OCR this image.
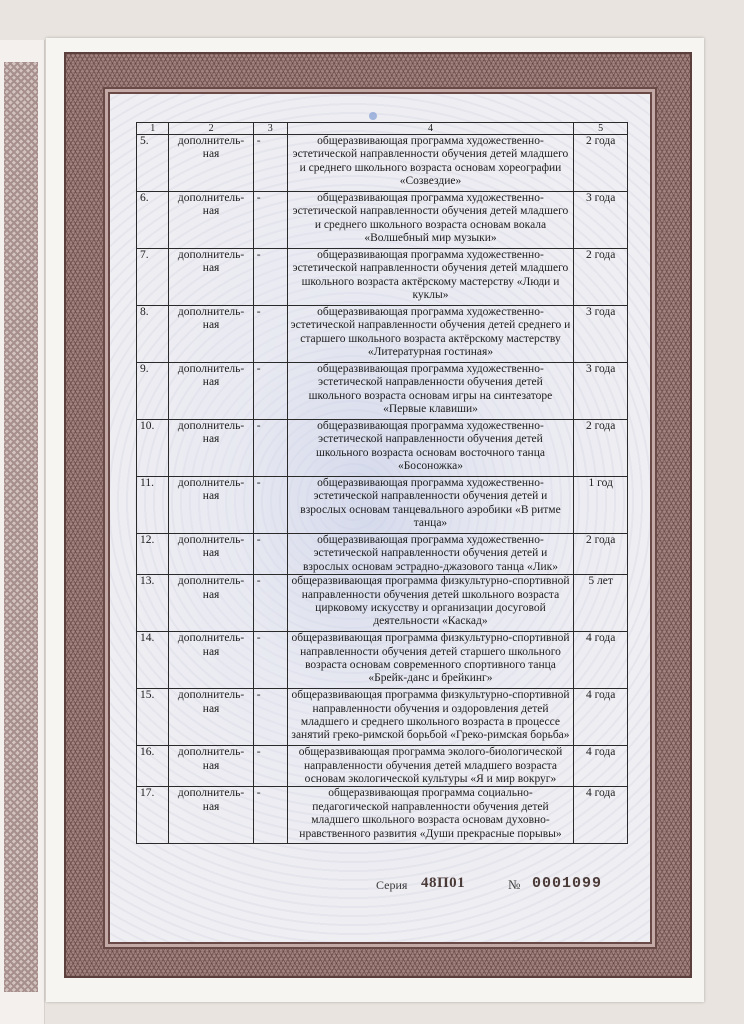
1	2	3	4	5
5.	дополнитель-ная	-	общеразвивающая программа художественно-эстетической направленности обучения детей младшего и среднего школьного возраста основам хореографии «Созвездие»	2 года
6.	дополнитель-ная	-	общеразвивающая программа художественно-эстетической направленности обучения детей младшего и среднего школьного возраста основам вокала «Волшебный мир музыки»	3 года
7.	дополнитель-ная	-	общеразвивающая программа художественно-эстетической направленности обучения детей младшего школьного возраста актёрскому мастерству «Люди и куклы»	2 года
8.	дополнитель-ная	-	общеразвивающая программа художественно-эстетической направленности обучения детей среднего и старшего школьного возраста актёрскому мастерству «Литературная гостиная»	3 года
9.	дополнитель-ная	-	общеразвивающая программа художественно-эстетической направленности обучения детей школьного возраста основам игры на синтезаторе «Первые клавиши»	3 года
10.	дополнитель-ная	-	общеразвивающая программа художественно-эстетической направленности обучения детей школьного возраста основам восточного танца «Босоножка»	2 года
11.	дополнитель-ная	-	общеразвивающая программа художественно-эстетической направленности обучения детей и взрослых основам танцевального аэробики «В ритме танца»	1 год
12.	дополнитель-ная	-	общеразвивающая программа художественно-эстетической направленности обучения детей и взрослых основам эстрадно-джазового танца «Лик»	2 года
13.	дополнитель-ная	-	общеразвивающая программа физкультурно-спортивной направленности обучения детей школьного возраста цирковому искусству и организации досуговой деятельности «Каскад»	5 лет
14.	дополнитель-ная	-	общеразвивающая программа физкультурно-спортивной направленности обучения детей старшего школьного возраста основам современного спортивного танца «Брейк-данс и брейкинг»	4 года
15.	дополнитель-ная	-	общеразвивающая программа физкультурно-спортивной направленности обучения и оздоровления детей младшего и среднего школьного возраста в процессе занятий греко-римской борьбой «Греко-римская борьба»	4 года
16.	дополнитель-ная	-	общеразвивающая программа эколого-биологической направленности обучения детей младшего возраста основам экологической культуры «Я и мир вокруг»	4 года
17.	дополнитель-ная	-	общеразвивающая программа социально-педагогической направленности обучения детей младшего школьного возраста основам духовно-нравственного развития «Души прекрасные порывы»	4 года
Серия 48П01	№ 0001099
